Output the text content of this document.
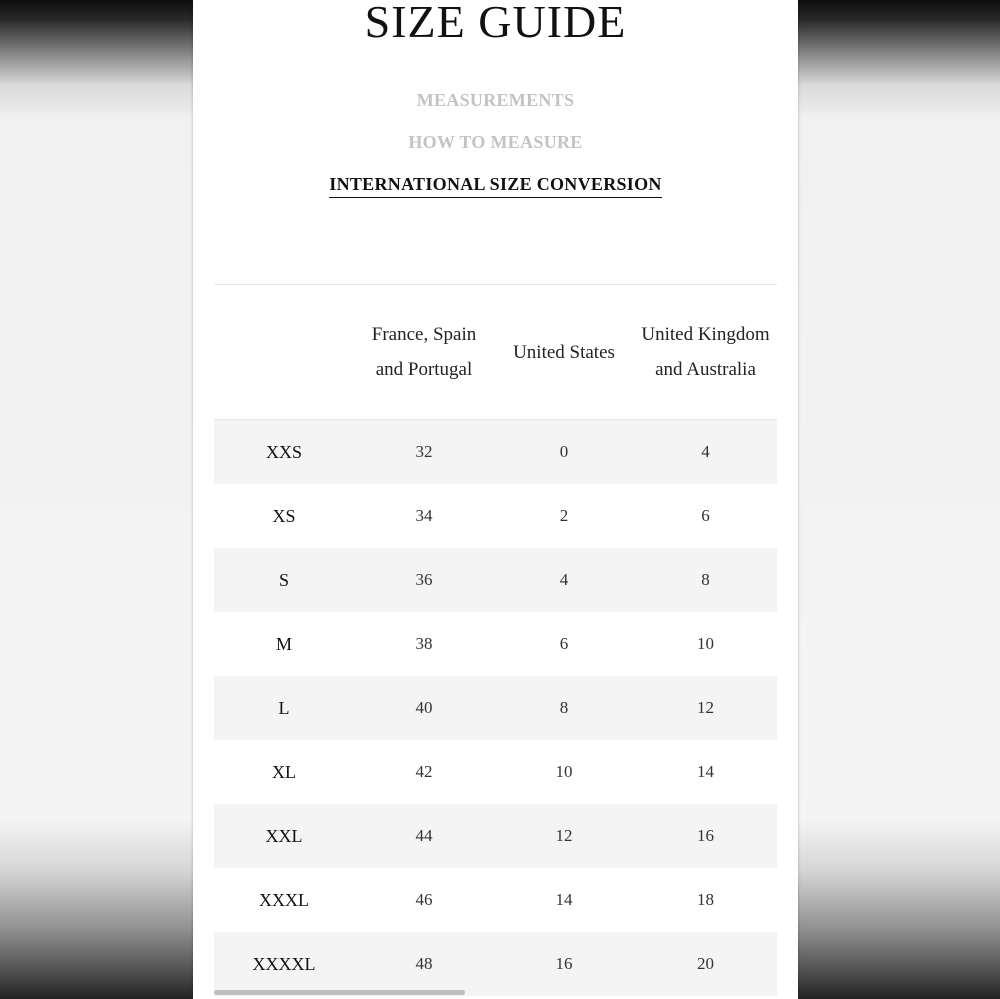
SIZE GUIDE
MEASUREMENTS
HOW TO MEASURE
INTERNATIONAL SIZE CONVERSION
	France, Spain and Portugal	United States	United Kingdom and Australia
XXS	32	0	4
XS	34	2	6
S	36	4	8
M	38	6	10
L	40	8	12
XL	42	10	14
XXL	44	12	16
XXXL	46	14	18
XXXXL	48	16	20
